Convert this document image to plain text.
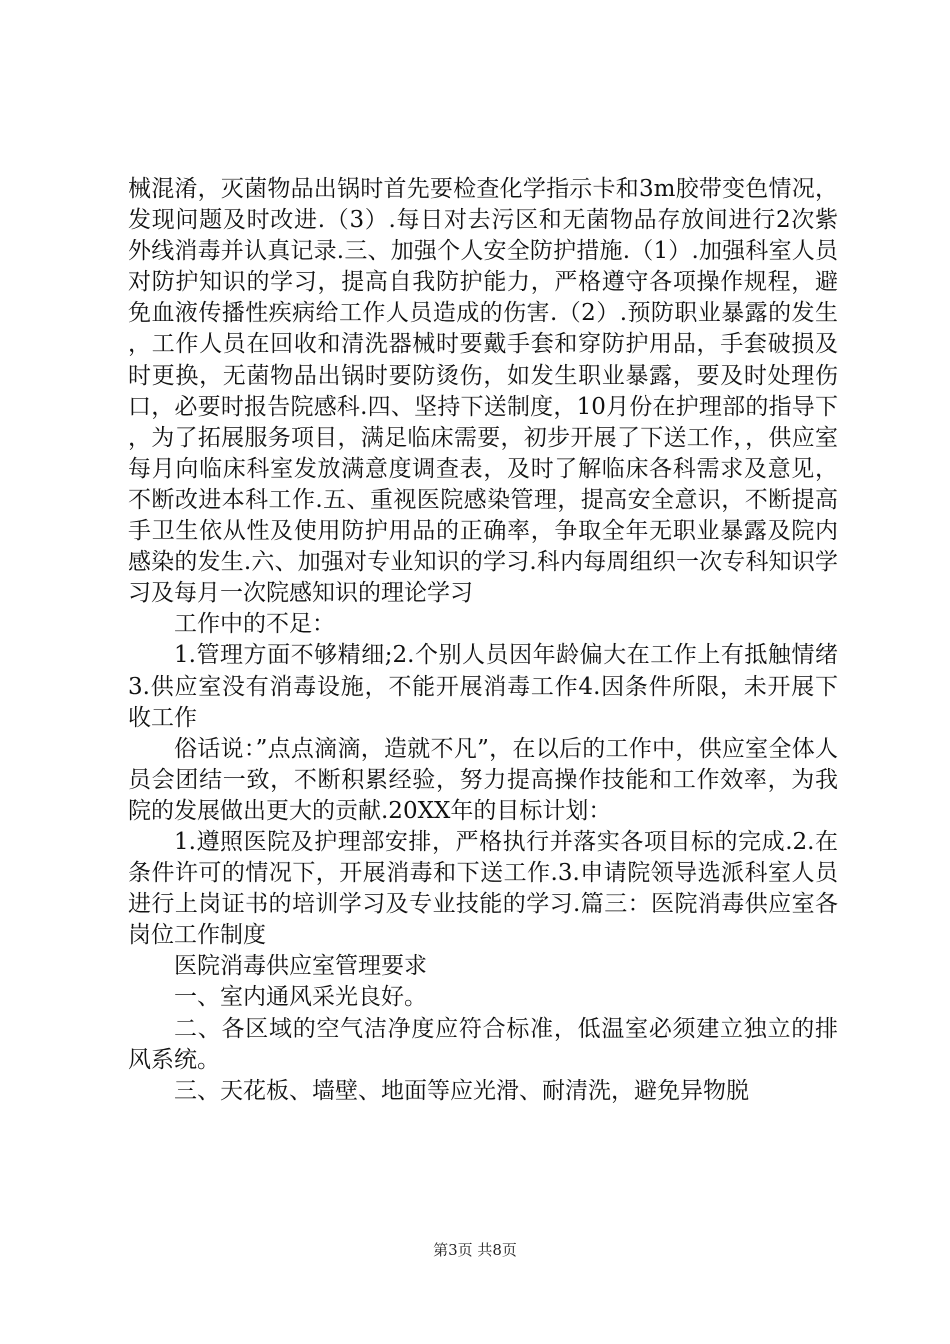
械混淆，灭菌物品出锅时首先要检查化学指示卡和3m胶带变色情况，发现问题及时改进.（3）.每日对去污区和无菌物品存放间进行2次紫外线消毒并认真记录.三、加强个人安全防护措施.（1）.加强科室人员对防护知识的学习，提高自我防护能力，严格遵守各项操作规程，避免血液传播性疾病给工作人员造成的伤害.（2）.预防职业暴露的发生，工作人员在回收和清洗器械时要戴手套和穿防护用品，手套破损及时更换，无菌物品出锅时要防烫伤，如发生职业暴露，要及时处理伤口，必要时报告院感科.四、坚持下送制度，10月份在护理部的指导下，为了拓展服务项目，满足临床需要，初步开展了下送工作，，供应室每月向临床科室发放满意度调查表，及时了解临床各科需求及意见，不断改进本科工作.五、重视医院感染管理，提高安全意识，不断提高手卫生依从性及使用防护用品的正确率，争取全年无职业暴露及院内感染的发生.六、加强对专业知识的学习.科内每周组织一次专科知识学习及每月一次院感知识的理论学习

工作中的不足：

1.管理方面不够精细;2.个别人员因年龄偏大在工作上有抵触情绪3.供应室没有消毒设施，不能开展消毒工作4.因条件所限，未开展下收工作

俗话说：”点点滴滴，造就不凡”，在以后的工作中，供应室全体人员会团结一致，不断积累经验，努力提高操作技能和工作效率，为我院的发展做出更大的贡献.20XX年的目标计划：

1.遵照医院及护理部安排，严格执行并落实各项目标的完成.2.在条件许可的情况下，开展消毒和下送工作.3.申请院领导选派科室人员进行上岗证书的培训学习及专业技能的学习.篇三：医院消毒供应室各岗位工作制度

医院消毒供应室管理要求

一、室内通风采光良好。

二、各区域的空气洁净度应符合标准，低温室必须建立独立的排风系统。

三、天花板、墙壁、地面等应光滑、耐清洗，避免异物脱

第3页 共8页
